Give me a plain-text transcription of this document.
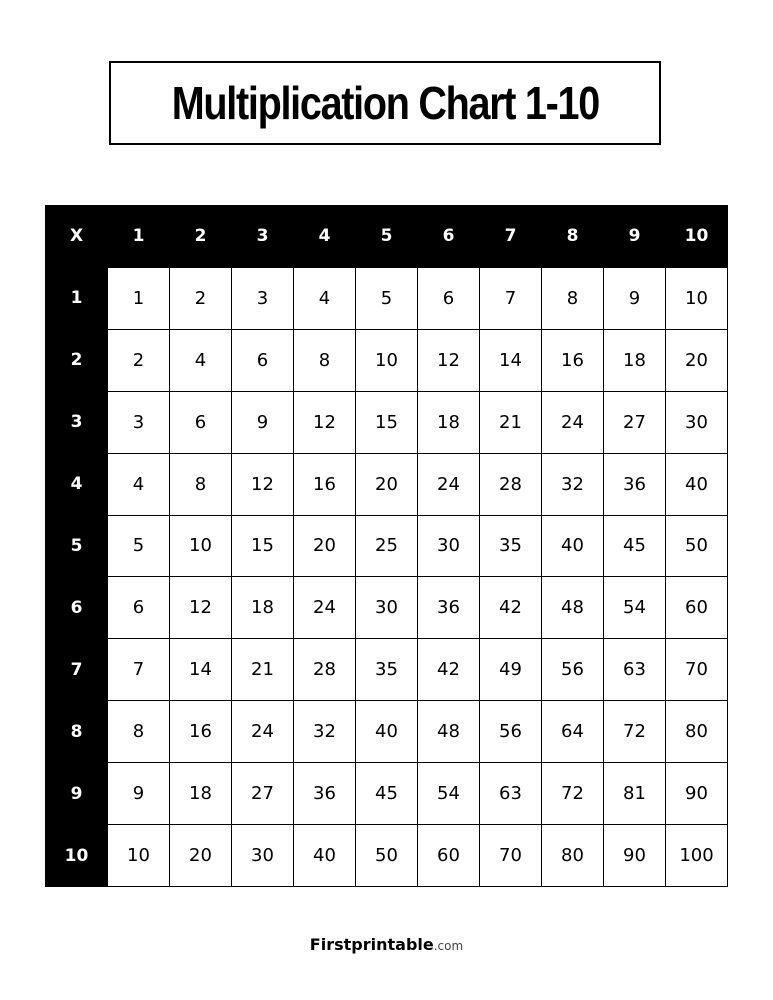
Multiplication Chart 1-10
X	1	2	3	4	5	6	7	8	9	10
1	1	2	3	4	5	6	7	8	9	10
2	2	4	6	8	10	12	14	16	18	20
3	3	6	9	12	15	18	21	24	27	30
4	4	8	12	16	20	24	28	32	36	40
5	5	10	15	20	25	30	35	40	45	50
6	6	12	18	24	30	36	42	48	54	60
7	7	14	21	28	35	42	49	56	63	70
8	8	16	24	32	40	48	56	64	72	80
9	9	18	27	36	45	54	63	72	81	90
10	10	20	30	40	50	60	70	80	90	100
Firstprintable.com
